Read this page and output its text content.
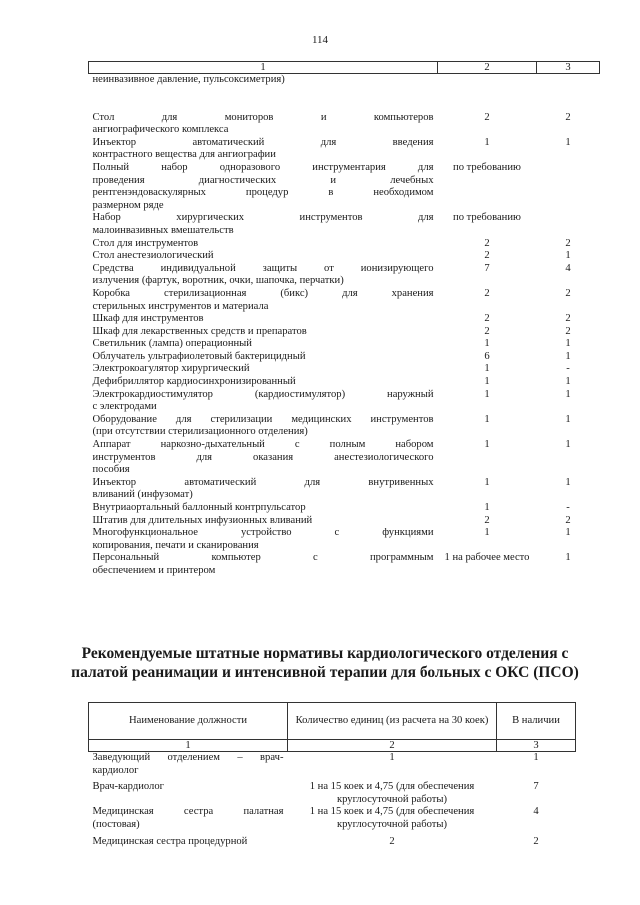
114
1	2	3

неинвазивное давление, пульсоксиметрия)		

Стол для мониторов и компьютеров
ангиографического комплекса	2	2

Инъектор автоматический для введения
контрастного вещества для ангиографии	1	1

Полный набор одноразового инструментария для
проведения диагностических и лечебных
рентгенэндоваскулярных процедур в необходимом
размерном ряде	по требованию	

Набор хирургических инструментов для
малоинвазивных вмешательств	по требованию	

Стол для инструментов	2	2

Стол анестезиологический	2	1

Средства индивидуальной защиты от ионизирующего
излучения (фартук, воротник, очки, шапочка, перчатки)	7	4

Коробка стерилизационная (бикс) для хранения
стерильных инструментов и материала	2	2

Шкаф для инструментов	2	2

Шкаф для лекарственных средств и препаратов	2	2

Светильник (лампа) операционный	1	1

Облучатель ультрафиолетовый бактерицидный	6	1

Электрокоагулятор хирургический	1	-

Дефибриллятор кардиосинхронизированный	1	1

Электрокардиостимулятор (кардиостимулятор) наружный
с электродами	1	1

Оборудование для стерилизации медицинских инструментов
(при отсутствии стерилизационного отделения)	1	1

Аппарат наркозно-дыхательный с полным набором
инструментов для оказания анестезиологического
пособия	1	1

Инъектор автоматический для внутривенных
вливаний (инфузомат)	1	1

Внутриаортальный баллонный контрпульсатор	1	-

Штатив для длительных инфузионных вливаний	2	2

Многофункциональное устройство с функциями
копирования, печати и сканирования	1	1

Персональный компьютер с программным
обеспечением и принтером	1 на рабочее место	1
Рекомендуемые штатные нормативы кардиологического отделения с палатой реанимации и интенсивной терапии для больных с ОКС (ПСО)
Наименование должности	Количество единиц (из расчета на 30 коек)	В наличии
1	2	3

Заведующий отделением – врач-
кардиолог	1	1

Врач-кардиолог	1 на 15 коек и 4,75 (для обеспечения круглосуточной работы)	7

Медицинская сестра палатная
(постовая)	1 на 15 коек и 4,75 (для обеспечения круглосуточной работы)	4

Медицинская сестра процедурной	2	2
